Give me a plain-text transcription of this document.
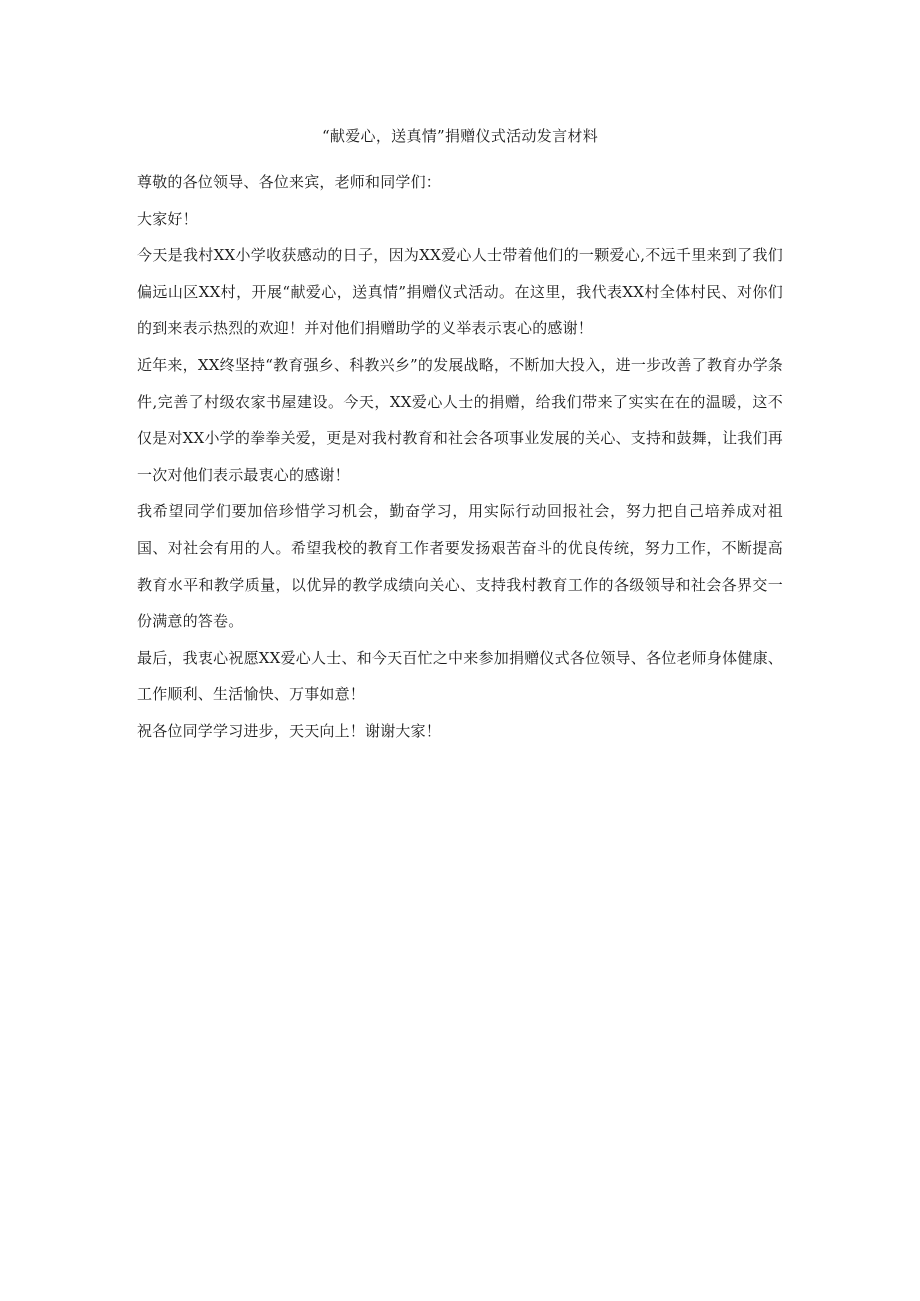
“献爱心，送真情”捐赠仪式活动发言材料

尊敬的各位领导、各位来宾，老师和同学们：

大家好！

今天是我村XX小学收获感动的日子，因为XX爱心人士带着他们的一颗爱心,不远千里来到了我们偏远山区XX村，开展“献爱心，送真情”捐赠仪式活动。在这里，我代表XX村全体村民、对你们的到来表示热烈的欢迎！并对他们捐赠助学的义举表示衷心的感谢！

近年来，XX终坚持“教育强乡、科教兴乡”的发展战略，不断加大投入，进一步改善了教育办学条件,完善了村级农家书屋建设。今天，XX爱心人士的捐赠，给我们带来了实实在在的温暖，这不仅是对XX小学的拳拳关爱，更是对我村教育和社会各项事业发展的关心、支持和鼓舞，让我们再一次对他们表示最衷心的感谢！

我希望同学们要加倍珍惜学习机会，勤奋学习，用实际行动回报社会，努力把自己培养成对祖国、对社会有用的人。希望我校的教育工作者要发扬艰苦奋斗的优良传统，努力工作，不断提高教育水平和教学质量，以优异的教学成绩向关心、支持我村教育工作的各级领导和社会各界交一份满意的答卷。

最后，我衷心祝愿XX爱心人士、和今天百忙之中来参加捐赠仪式各位领导、各位老师身体健康、工作顺利、生活愉快、万事如意！

祝各位同学学习进步，天天向上！谢谢大家！
